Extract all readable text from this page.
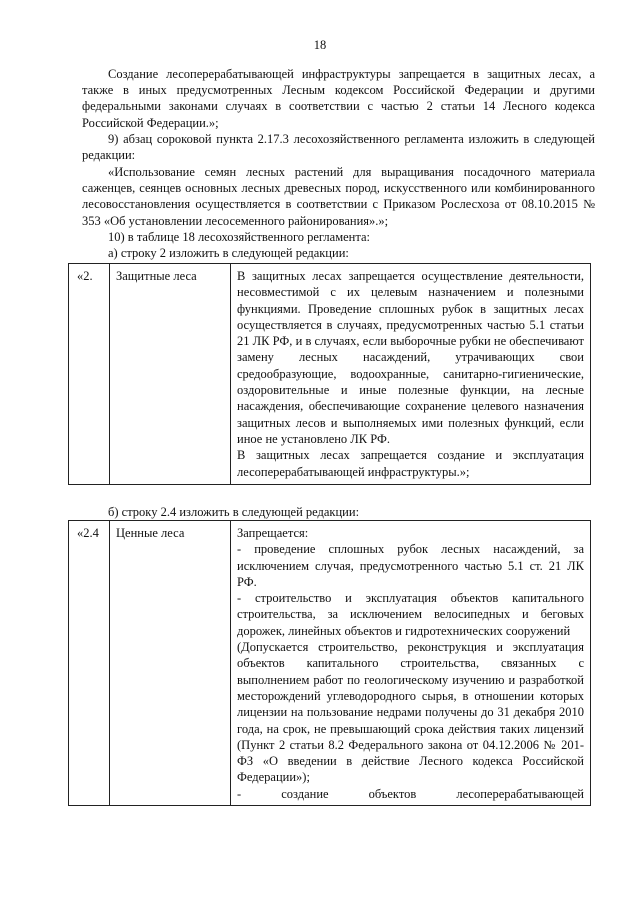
18
Создание лесоперерабатывающей инфраструктуры запрещается в защитных лесах, а также в иных предусмотренных Лесным кодексом Российской Федерации и другими федеральными законами случаях в соответствии с частью 2 статьи 14 Лесного кодекса Российской Федерации.»;
9) абзац сороковой пункта 2.17.3 лесохозяйственного регламента изложить в следующей редакции:
«Использование семян лесных растений для выращивания посадочного материала саженцев, сеянцев основных лесных древесных пород, искусственного или комбинированного лесовосстановления осуществляется в соответствии с Приказом Рослесхоза от 08.10.2015 № 353 «Об установлении лесосеменного районирования».»;
10) в таблице 18 лесохозяйственного регламента:
а) строку 2 изложить в следующей редакции:
«2.	Защитные леса	В защитных лесах запрещается осуществление деятельности, несовместимой с их целевым назначением и полезными функциями. Проведение сплошных рубок в защитных лесах осуществляется в случаях, предусмотренных частью 5.1 статьи 21 ЛК РФ, и в случаях, если выборочные рубки не обеспечивают замену лесных насаждений, утрачивающих свои средообразующие, водоохранные, санитарно-гигиенические, оздоровительные и иные полезные функции, на лесные насаждения, обеспечивающие сохранение целевого назначения защитных лесов и выполняемых ими полезных функций, если иное не установлено ЛК РФ.

В защитных лесах запрещается создание и эксплуатация лесоперерабатывающей инфраструктуры.»;

б) строку 2.4 изложить в следующей редакции:
«2.4	Ценные леса	Запрещается:

- проведение сплошных рубок лесных насаждений, за исключением случая, предусмотренного частью 5.1 ст. 21 ЛК РФ.

- строительство и эксплуатация объектов капитального строительства, за исключением велосипедных и беговых дорожек, линейных объектов и гидротехнических сооружений

(Допускается строительство, реконструкция и эксплуатация объектов капитального строительства, связанных с выполнением работ по геологическому изучению и разработкой месторождений углеводородного сырья, в отношении которых лицензии на пользование недрами получены до 31 декабря 2010 года, на срок, не превышающий срока действия таких лицензий (Пункт 2 статьи 8.2 Федерального закона от 04.12.2006 № 201-ФЗ «О введении в действие Лесного кодекса Российской Федерации»);

- создание объектов лесоперерабатывающей
